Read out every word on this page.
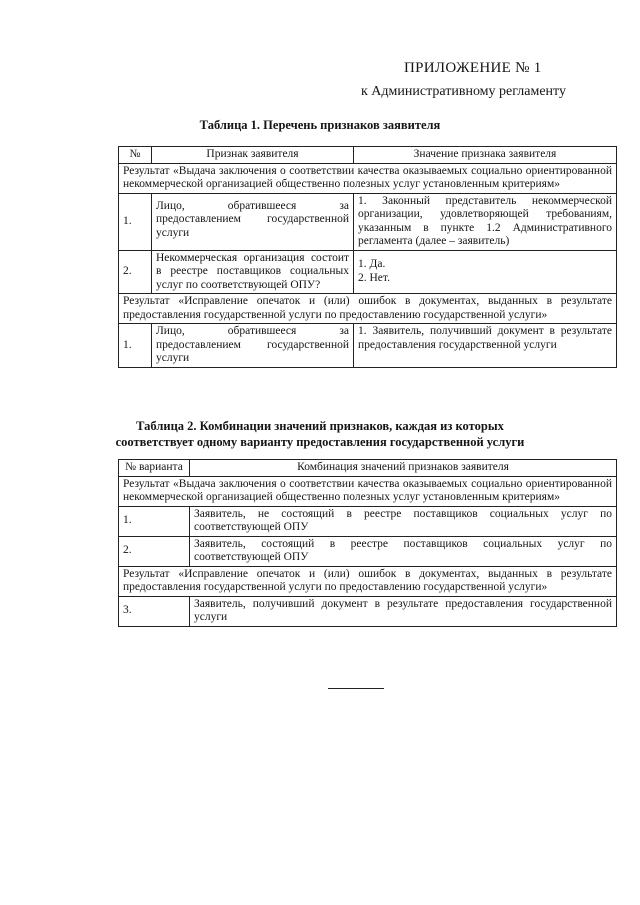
ПРИЛОЖЕНИЕ № 1
к Административному регламенту
Таблица 1. Перечень признаков заявителя
№	Признак заявителя	Значение признака заявителя
Результат «Выдача заключения о соответствии качества оказываемых социально ориентированной некоммерческой организацией общественно полезных услуг установленным критериям»		
1.	Лицо, обратившееся за предоставлением государственной услуги	1. Законный представитель некоммерческой организации, удовлетворяющей требованиям, указанным в пункте 1.2 Административного регламента (далее – заявитель)
2.	Некоммерческая организация состоит в реестре поставщиков социальных услуг по соответствующей ОПУ?	1. Да.
2. Нет.

Результат «Исправление опечаток и (или) ошибок в документах, выданных в результате предоставления государственной услуги по предоставлению государственной услуги»		
1.	Лицо, обратившееся за предоставлением государственной услуги	1. Заявитель, получивший документ в результате предоставления государственной услуги
Таблица 2. Комбинации значений признаков, каждая из которых
соответствует одному варианту предоставления государственной услуги
№ варианта	Комбинация значений признаков заявителя
Результат «Выдача заключения о соответствии качества оказываемых социально ориентированной некоммерческой организацией общественно полезных услуг установленным критериям»	
1.	Заявитель, не состоящий в реестре поставщиков социальных услуг по соответствующей ОПУ
2.	Заявитель, состоящий в реестре поставщиков социальных услуг по соответствующей ОПУ
Результат «Исправление опечаток и (или) ошибок в документах, выданных в результате предоставления государственной услуги по предоставлению государственной услуги»	
3.	Заявитель, получивший документ в результате предоставления государственной услуги
